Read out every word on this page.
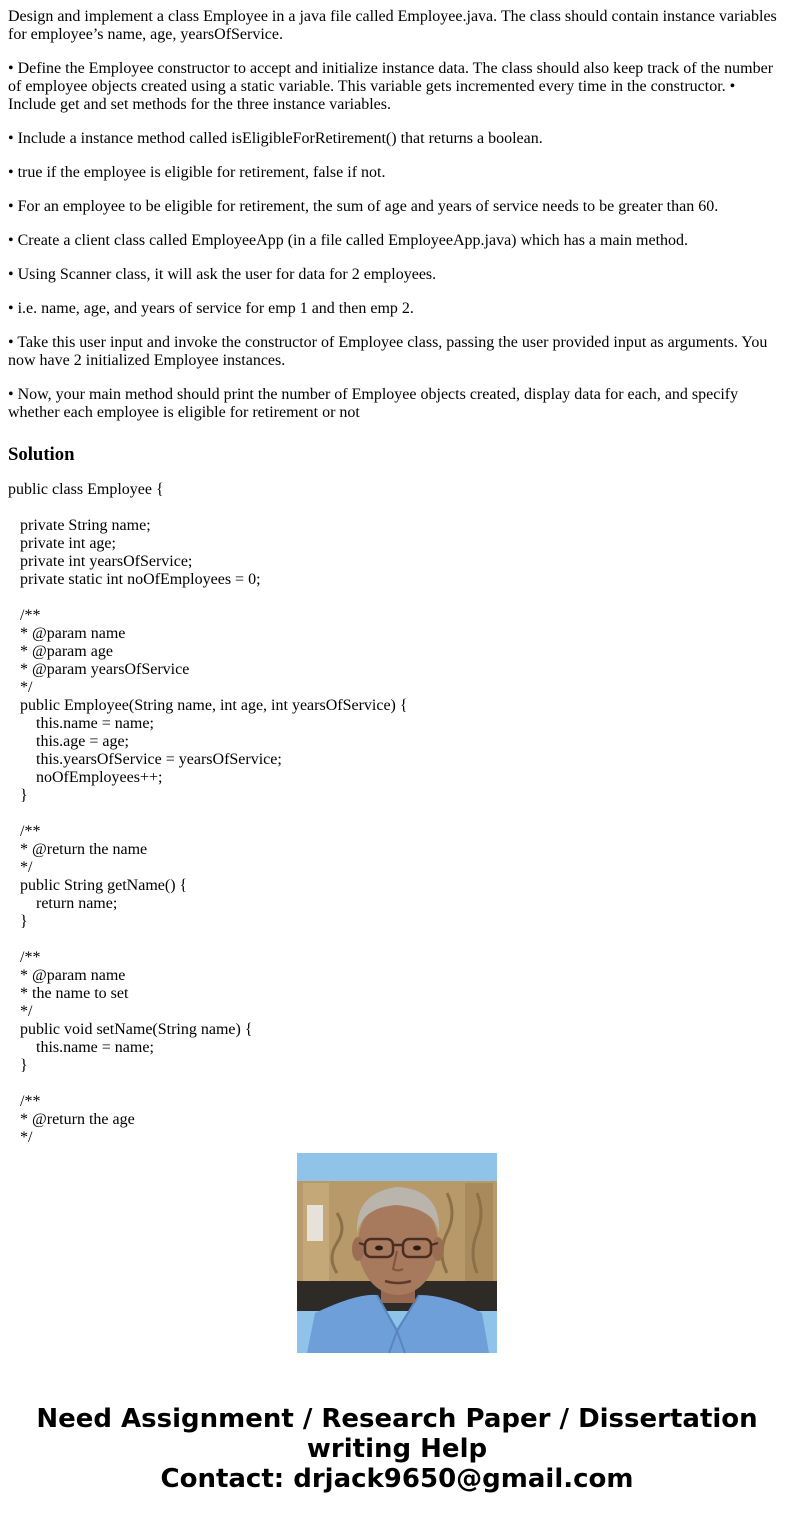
Design and implement a class Employee in a java file called Employee.java. The class should contain instance variables for employee’s name, age, yearsOfService.

• Define the Employee constructor to accept and initialize instance data. The class should also keep track of the number of employee objects created using a static variable. This variable gets incremented every time in the constructor. • Include get and set methods for the three instance variables.

• Include a instance method called isEligibleForRetirement() that returns a boolean.

• true if the employee is eligible for retirement, false if not.

• For an employee to be eligible for retirement, the sum of age and years of service needs to be greater than 60.

• Create a client class called EmployeeApp (in a file called EmployeeApp.java) which has a main method.

• Using Scanner class, it will ask the user for data for 2 employees.

• i.e. name, age, and years of service for emp 1 and then emp 2.

• Take this user input and invoke the constructor of Employee class, passing the user provided input as arguments. You now have 2 initialized Employee instances.

• Now, your main method should print the number of Employee objects created, display data for each, and specify whether each employee is eligible for retirement or not

Solution
public class Employee {
private String name;
private int age;
private int yearsOfService;
private static int noOfEmployees = 0;
/**
* @param name
* @param age
* @param yearsOfService
*/
public Employee(String name, int age, int yearsOfService) {
this.name = name;
this.age = age;
this.yearsOfService = yearsOfService;
noOfEmployees++;
}
/**
* @return the name
*/
public String getName() {
return name;
}
/**
* @param name
* the name to set
*/
public void setName(String name) {
this.name = name;
}
/**
* @return the age
*/
Need Assignment / Research Paper / Dissertation
writing Help
Contact: drjack9650@gmail.com
